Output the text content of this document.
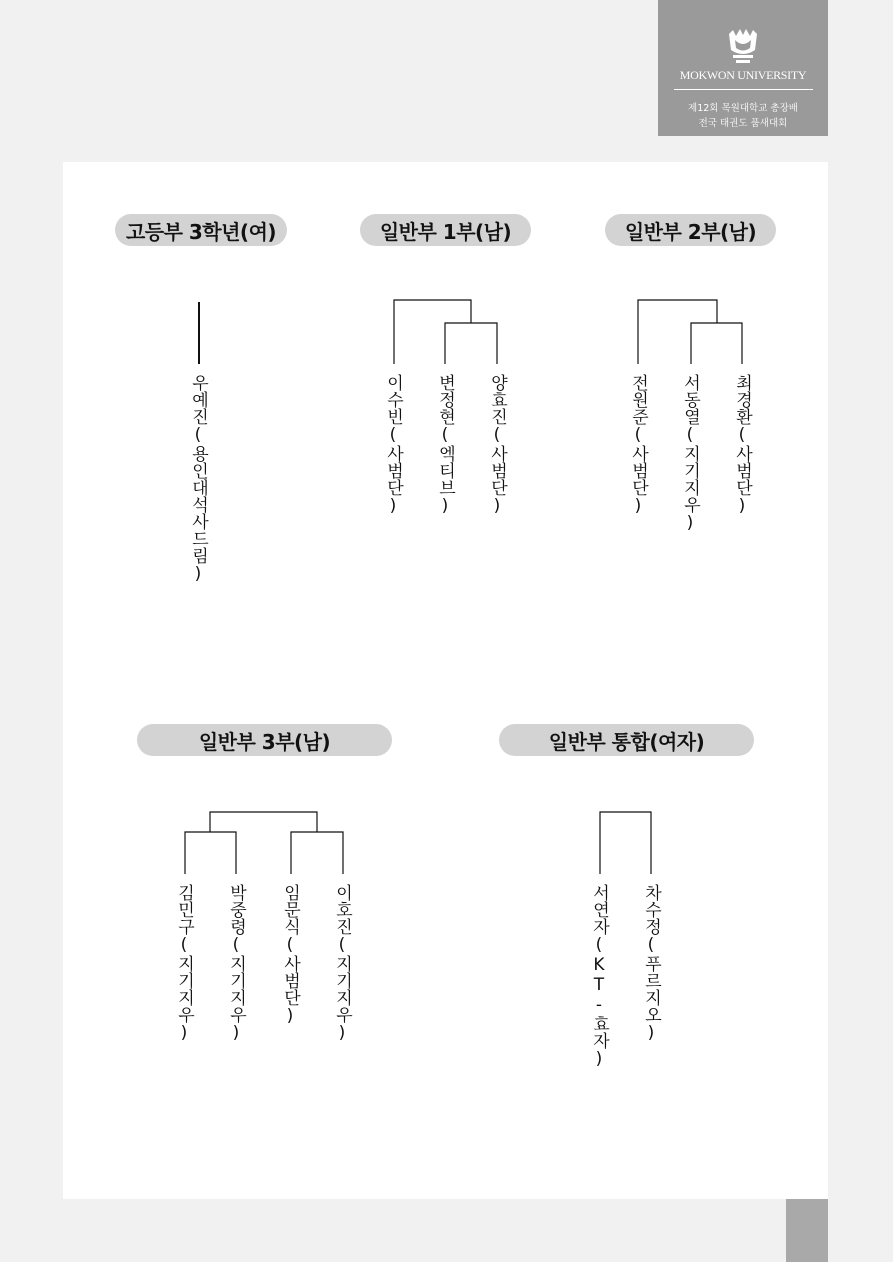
MOKWON UNIVERSITY
제12회 목원대학교 총장배
전국 태권도 품새대회
고등부 3학년(여)
우예진(용인대석사드림)
일반부 1부(남)
이수빈(사범단) 변정현(엑티브) 양효진(사범단)
일반부 2부(남)
전원준(사범단) 서동열(지기지우) 최경환(사범단)
일반부 3부(남)
김민구(지기지우) 박중령(지기지우) 임문식(사범단) 이호진(지기지우)
일반부 통합(여자)
서연자(KT-효자) 차수정(푸르지오)
